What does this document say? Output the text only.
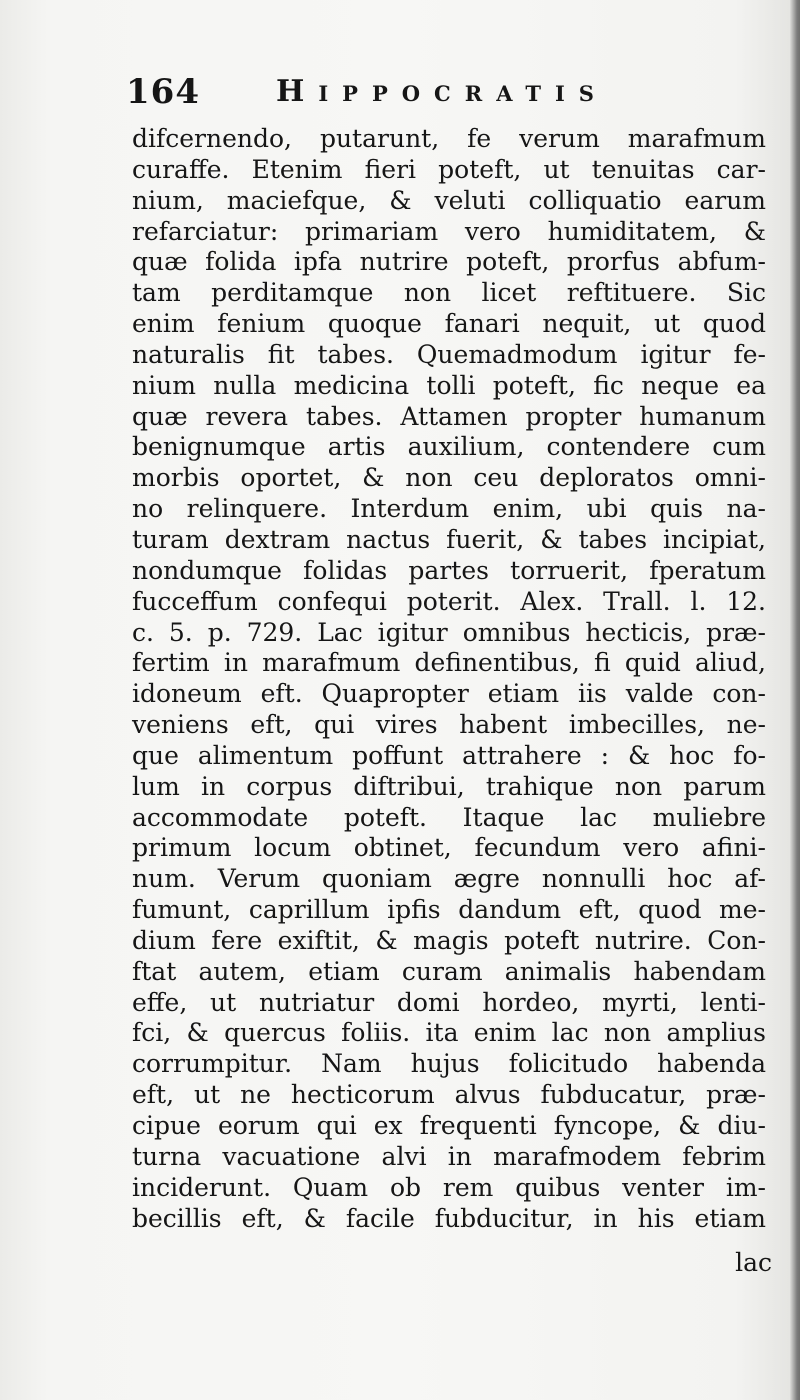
164	Hippocratis
difcernendo, putarunt, fe verum marafmum
curaffe. Etenim fieri poteft, ut tenuitas car-
nium, maciefque, & veluti colliquatio earum
refarciatur: primariam vero humiditatem, &
quæ folida ipfa nutrire poteft, prorfus abfum-
tam perditamque non licet reftituere. Sic
enim fenium quoque fanari nequit, ut quod
naturalis fit tabes. Quemadmodum igitur fe-
nium nulla medicina tolli poteft, fic neque ea
quæ revera tabes. Attamen propter humanum
benignumque artis auxilium, contendere cum
morbis oportet, & non ceu deploratos omni-
no relinquere. Interdum enim, ubi quis na-
turam dextram nactus fuerit, & tabes incipiat,
nondumque folidas partes torruerit, fperatum
fucceffum confequi poterit. Alex. Trall. l. 12.
c. 5. p. 729. Lac igitur omnibus hecticis, præ-
fertim in marafmum definentibus, fi quid aliud,
idoneum eft. Quapropter etiam iis valde con-
veniens eft, qui vires habent imbecilles, ne-
que alimentum poffunt attrahere : & hoc fo-
lum in corpus diftribui, trahique non parum
accommodate poteft. Itaque lac muliebre
primum locum obtinet, fecundum vero afini-
num. Verum quoniam ægre nonnulli hoc af-
fumunt, caprillum ipfis dandum eft, quod me-
dium fere exiftit, & magis poteft nutrire. Con-
ftat autem, etiam curam animalis habendam
effe, ut nutriatur domi hordeo, myrti, lenti-
fci, & quercus foliis. ita enim lac non amplius
corrumpitur. Nam hujus folicitudo habenda
eft, ut ne hecticorum alvus fubducatur, præ-
cipue eorum qui ex frequenti fyncope, & diu-
turna vacuatione alvi in marafmodem febrim
inciderunt. Quam ob rem quibus venter im-
becillis eft, & facile fubducitur, in his etiam
lac
